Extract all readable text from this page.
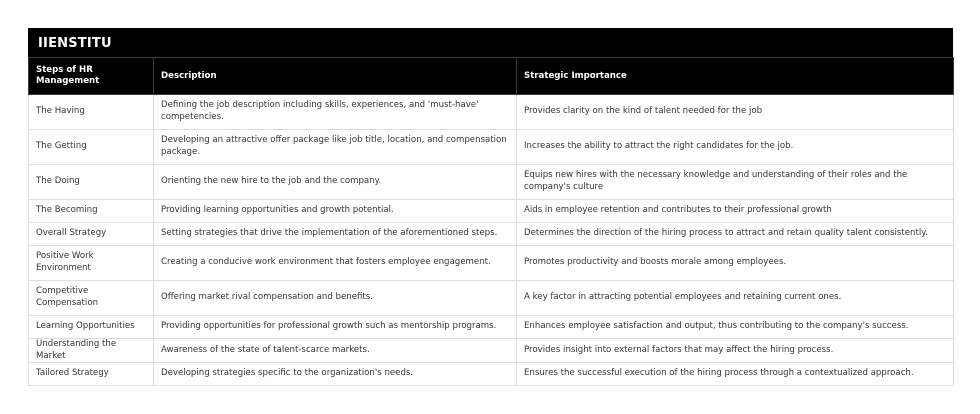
IIENSTITU
Steps of HR Management	Description	Strategic Importance
The Having	Defining the job description including skills, experiences, and 'must-have' competencies.	Provides clarity on the kind of talent needed for the job
The Getting	Developing an attractive offer package like job title, location, and compensation package.	Increases the ability to attract the right candidates for the job.
The Doing	Orienting the new hire to the job and the company.	Equips new hires with the necessary knowledge and understanding of their roles and the company's culture
The Becoming	Providing learning opportunities and growth potential.	Aids in employee retention and contributes to their professional growth
Overall Strategy	Setting strategies that drive the implementation of the aforementioned steps.	Determines the direction of the hiring process to attract and retain quality talent consistently.
Positive Work Environment	Creating a conducive work environment that fosters employee engagement.	Promotes productivity and boosts morale among employees.
Competitive Compensation	Offering market rival compensation and benefits.	A key factor in attracting potential employees and retaining current ones.
Learning Opportunities	Providing opportunities for professional growth such as mentorship programs.	Enhances employee satisfaction and output, thus contributing to the company's success.
Understanding the Market	Awareness of the state of talent-scarce markets.	Provides insight into external factors that may affect the hiring process.
Tailored Strategy	Developing strategies specific to the organization's needs.	Ensures the successful execution of the hiring process through a contextualized approach.
